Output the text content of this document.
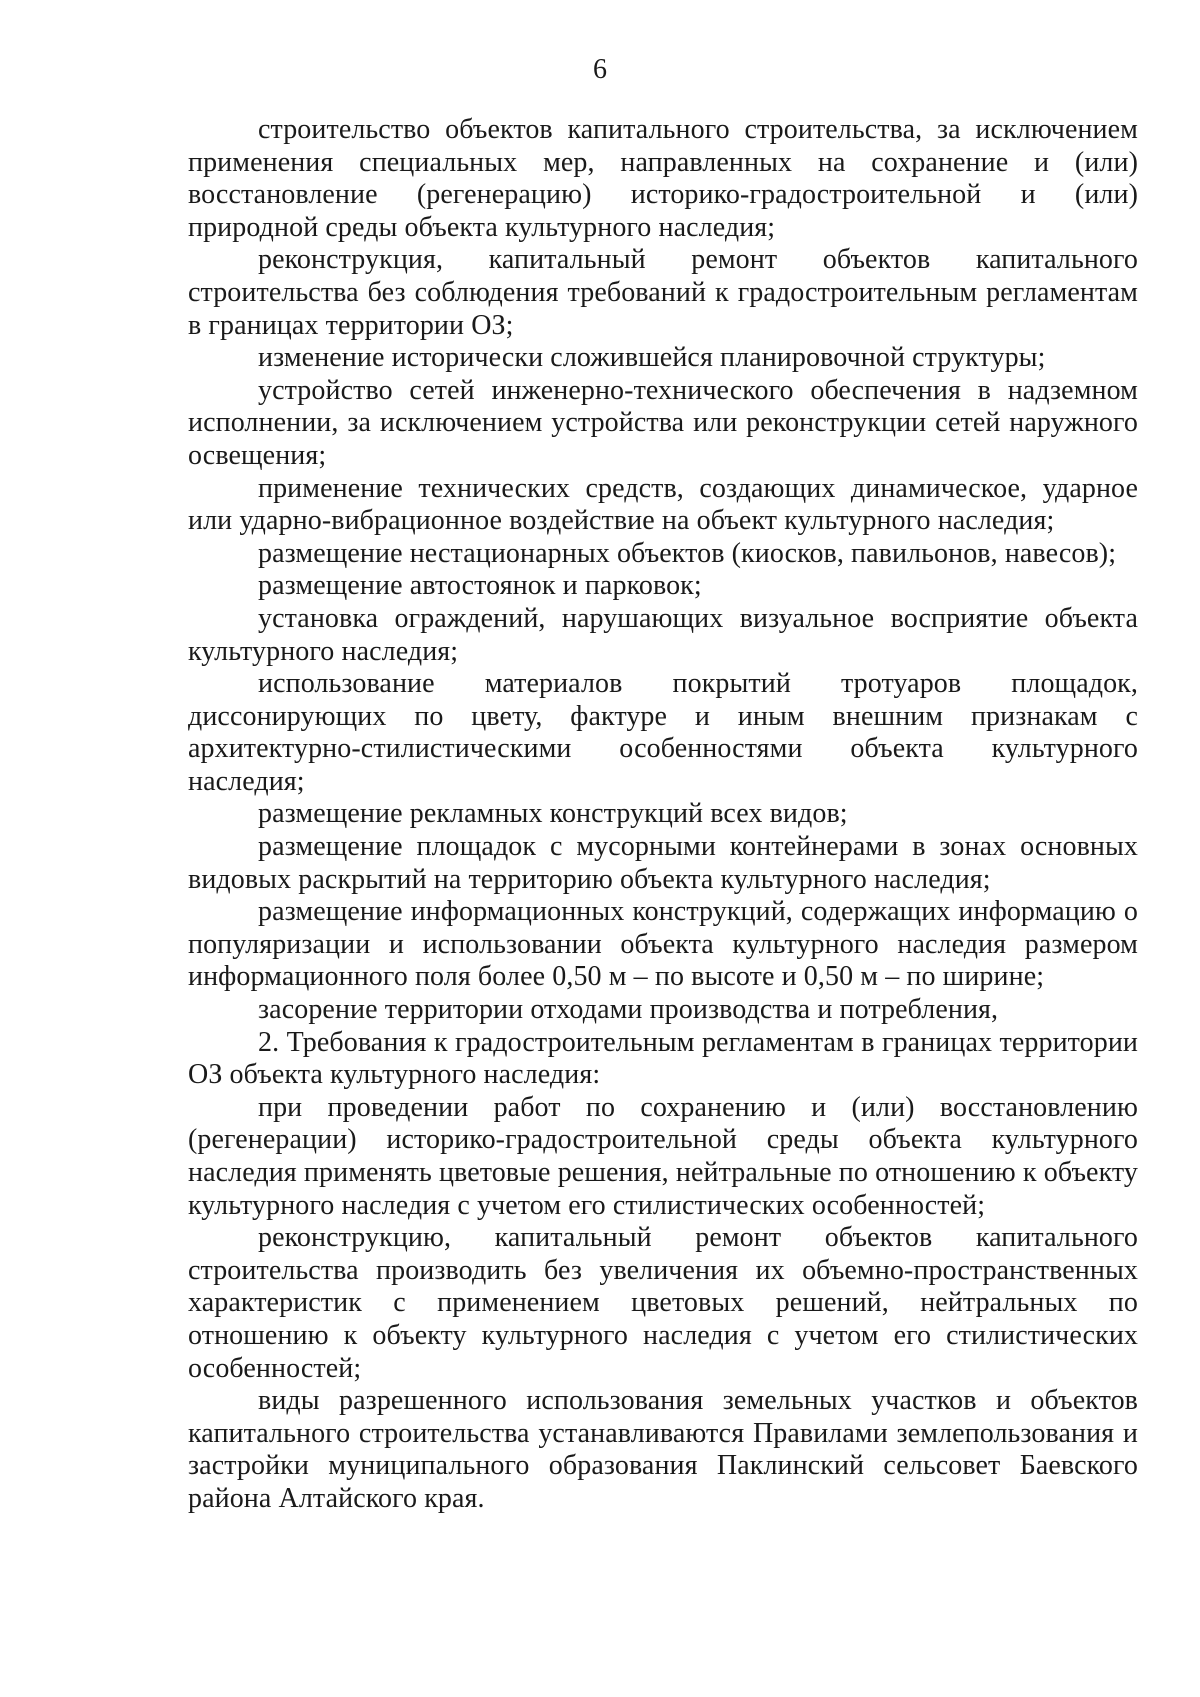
6

строительство объектов капитального строительства, за исключением применения специальных мер, направленных на сохранение и (или) восстановление (регенерацию) историко-градостроительной и (или) природной среды объекта культурного наследия;

реконструкция, капитальный ремонт объектов капитального строительства без соблюдения требований к градостроительным регламентам в границах территории ОЗ;

изменение исторически сложившейся планировочной структуры;

устройство сетей инженерно-технического обеспечения в надземном исполнении, за исключением устройства или реконструкции сетей наружного освещения;

применение технических средств, создающих динамическое, ударное или ударно-вибрационное воздействие на объект культурного наследия;

размещение нестационарных объектов (киосков, павильонов, навесов);

размещение автостоянок и парковок;

установка ограждений, нарушающих визуальное восприятие объекта культурного наследия;

использование материалов покрытий тротуаров площадок, диссонирующих по цвету, фактуре и иным внешним признакам с архитектурно-стилистическими особенностями объекта культурного наследия;

размещение рекламных конструкций всех видов;

размещение площадок с мусорными контейнерами в зонах основных видовых раскрытий на территорию объекта культурного наследия;

размещение информационных конструкций, содержащих информацию о популяризации и использовании объекта культурного наследия размером информационного поля более 0,50 м – по высоте и 0,50 м – по ширине;

засорение территории отходами производства и потребления,

2. Требования к градостроительным регламентам в границах территории ОЗ объекта культурного наследия:

при проведении работ по сохранению и (или) восстановлению (регенерации) историко-градостроительной среды объекта культурного наследия применять цветовые решения, нейтральные по отношению к объекту культурного наследия с учетом его стилистических особенностей;

реконструкцию, капитальный ремонт объектов капитального строительства производить без увеличения их объемно-пространственных характеристик с применением цветовых решений, нейтральных по отношению к объекту культурного наследия с учетом его стилистических особенностей;

виды разрешенного использования земельных участков и объектов капитального строительства устанавливаются Правилами землепользования и застройки муниципального образования Паклинский сельсовет Баевского района Алтайского края.
